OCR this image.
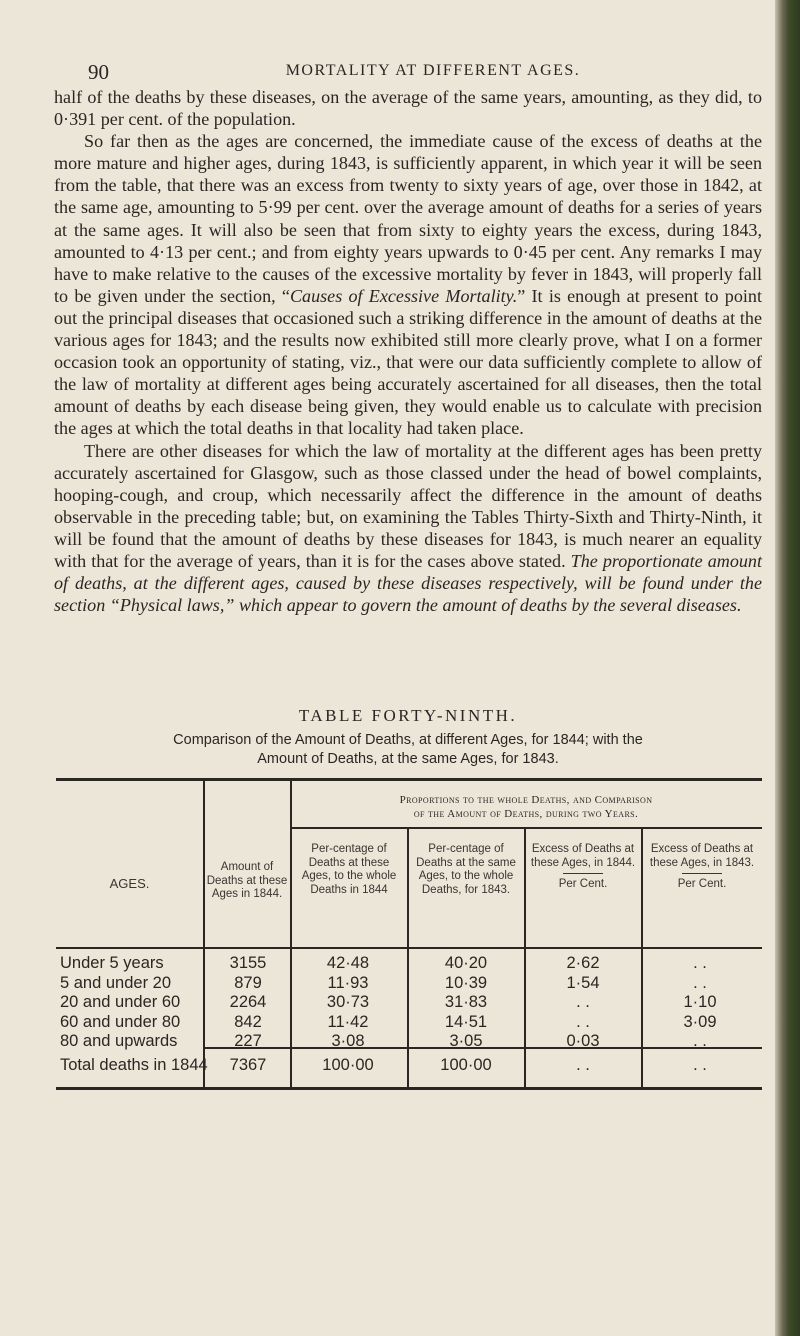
90	MORTALITY AT DIFFERENT AGES.

half of the deaths by these diseases, on the average of the same years, amounting, as they did, to 0·391 per cent. of the population.

So far then as the ages are concerned, the immediate cause of the excess of deaths at the more mature and higher ages, during 1843, is sufficiently apparent, in which year it will be seen from the table, that there was an excess from twenty to sixty years of age, over those in 1842, at the same age, amounting to 5·99 per cent. over the average amount of deaths for a series of years at the same ages. It will also be seen that from sixty to eighty years the excess, during 1843, amounted to 4·13 per cent.; and from eighty years upwards to 0·45 per cent. Any remarks I may have to make relative to the causes of the excessive mortality by fever in 1843, will properly fall to be given under the section, “Causes of Excessive Mortality.” It is enough at present to point out the principal diseases that occasioned such a striking difference in the amount of deaths at the various ages for 1843; and the results now exhibited still more clearly prove, what I on a former occasion took an opportunity of stating, viz., that were our data sufficiently complete to allow of the law of mortality at different ages being accurately ascertained for all diseases, then the total amount of deaths by each disease being given, they would enable us to calculate with precision the ages at which the total deaths in that locality had taken place.

There are other diseases for which the law of mortality at the different ages has been pretty accurately ascertained for Glasgow, such as those classed under the head of bowel complaints, hooping-cough, and croup, which necessarily affect the difference in the amount of deaths observable in the preceding table; but, on examining the Tables Thirty-Sixth and Thirty-Ninth, it will be found that the amount of deaths by these diseases for 1843, is much nearer an equality with that for the average of years, than it is for the cases above stated. The proportionate amount of deaths, at the different ages, caused by these diseases respectively, will be found under the section “Physical laws,” which appear to govern the amount of deaths by the several diseases.

TABLE FORTY-NINTH.
Comparison of the Amount of Deaths, at different Ages, for 1844; with the
Amount of Deaths, at the same Ages, for 1843.
Proportions to the whole Deaths, and Comparison
of the Amount of Deaths, during two Years.
AGES.
Amount of Deaths at these Ages in 1844.
Per-centage of Deaths at these Ages, to the whole Deaths in 1844
Per-centage of Deaths at the same Ages, to the whole Deaths, for 1843.
Excess of Deaths at these Ages, in 1844.
Per Cent.
Excess of Deaths at these Ages, in 1843.
Per Cent.
Under 5 years	3155	42·48	40·20	2·62	. .
5 and under 20	879	11·93	10·39	1·54	. .
20 and under 60	2264	30·73	31·83	. .	1·10
60 and under 80	842	11·42	14·51	. .	3·09
80 and upwards	227	3·08	3·05	0·03	. .
Total deaths in 1844	7367	100·00	100·00	. .	. .
